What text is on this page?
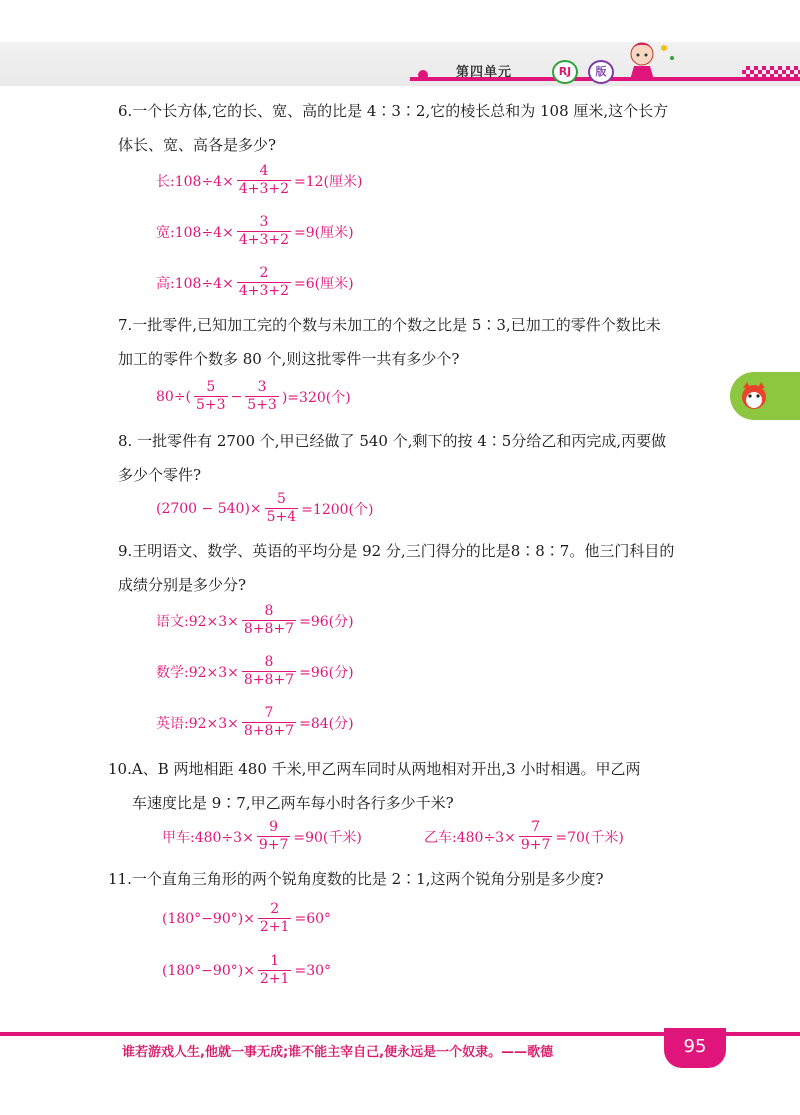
第四单元	RJ	版
6.一个长方体,它的长、宽、高的比是 4∶3∶2,它的棱长总和为 108 厘米,这个长方
体长、宽、高各是多少?
长:108÷4× $\frac{4}{4+3+2} =12$(厘米)
宽:108÷4× $\frac{3}{4+3+2} =9$(厘米)
高:108÷4× $\frac{2}{4+3+2} =6$(厘米)
7.一批零件,已知加工完的个数与未加工的个数之比是 5∶3,已加工的零件个数比未
加工的零件个数多 80 个,则这批零件一共有多少个?
$80\div( \frac{5}{5+3} - \frac{3}{5+3} )=320$(个)
8. 一批零件有 2700 个,甲已经做了 540 个,剩下的按 4∶5分给乙和丙完成,丙要做
多少个零件?
$(2700 - 540)\times \frac{5}{5+4} =1200$(个)
9.王明语文、数学、英语的平均分是 92 分,三门得分的比是8∶8∶7。他三门科目的
成绩分别是多少分?
语文:92×3× $\frac{8}{8+8+7} =96$(分)
数学:92×3× $\frac{8}{8+8+7} =96$(分)
英语:92×3× $\frac{7}{8+8+7} =84$(分)
10.A、B 两地相距 480 千米,甲乙两车同时从两地相对开出,3 小时相遇。甲乙两
车速度比是 9∶7,甲乙两车每小时各行多少千米?
甲车:480÷3× $\frac{9}{9+7} =90$(千米)	乙车:480÷3× $\frac{7}{9+7} =70$(千米)
11.一个直角三角形的两个锐角度数的比是 2∶1,这两个锐角分别是多少度?
$(180^\circ-90^\circ)\times \frac{2}{2+1} =60^\circ$
$(180^\circ-90^\circ)\times \frac{1}{2+1} =30^\circ$
谁若游戏人生,他就一事无成;谁不能主宰自己,便永远是一个奴隶。——歌德	95
